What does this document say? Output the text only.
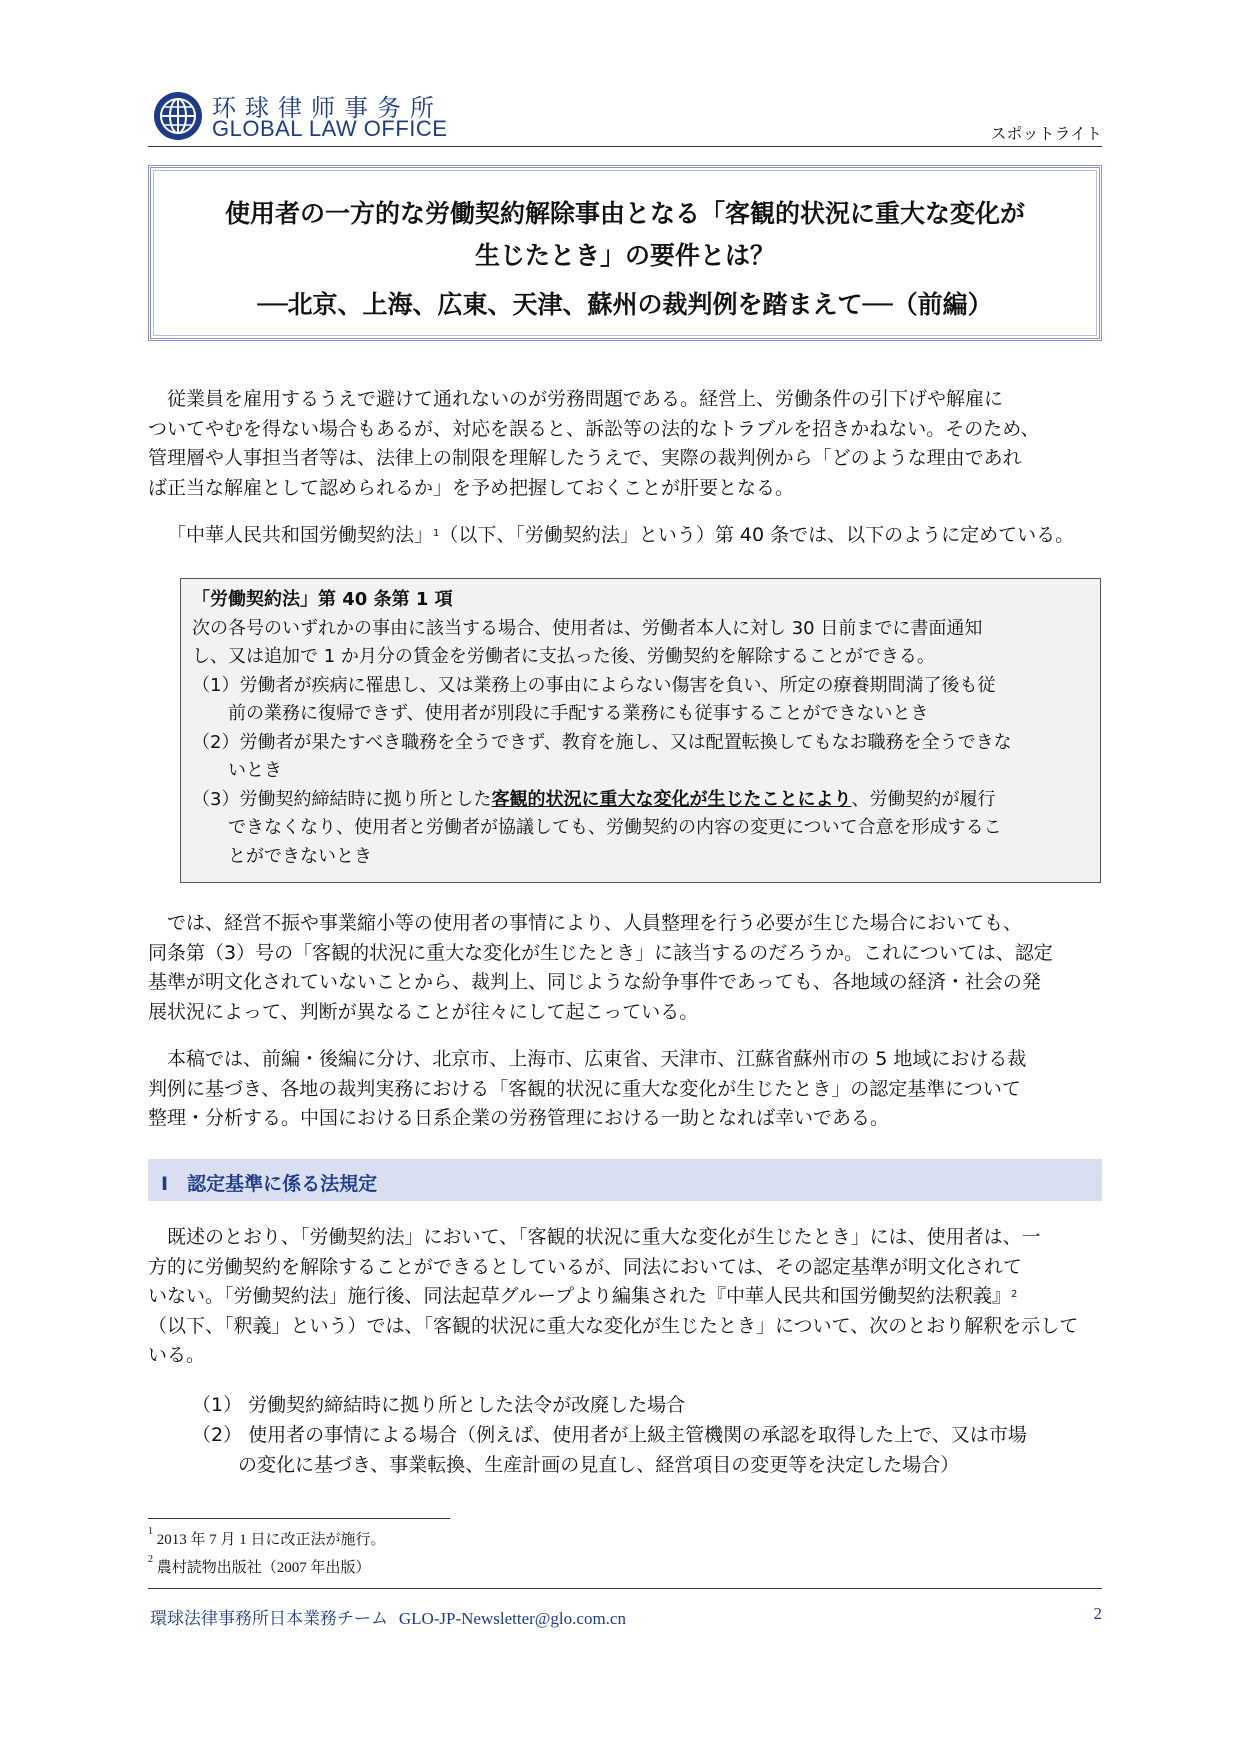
环球律师事务所
GLOBAL LAW OFFICE	スポットライト
使用者の一方的な労働契約解除事由となる「客観的状況に重大な変化が
生じたとき」の要件とは？
──北京、上海、広東、天津、蘇州の裁判例を踏まえて──（前編）
従業員を雇用するうえで避けて通れないのが労務問題である。経営上、労働条件の引下げや解雇に
ついてやむを得ない場合もあるが、対応を誤ると、訴訟等の法的なトラブルを招きかねない。そのため、
管理層や人事担当者等は、法律上の制限を理解したうえで、実際の裁判例から「どのような理由であれ
ば正当な解雇として認められるか」を予め把握しておくことが肝要となる。
「中華人民共和国労働契約法」$^1$（以下、「労働契約法」という）第 40 条では、以下のように定めている。
「労働契約法」第 40 条第 1 項
次の各号のいずれかの事由に該当する場合、使用者は、労働者本人に対し 30 日前までに書面通知
し、又は追加で 1 か月分の賃金を労働者に支払った後、労働契約を解除することができる。
（1）労働者が疾病に罹患し、又は業務上の事由によらない傷害を負い、所定の療養期間満了後も従
　　前の業務に復帰できず、使用者が別段に手配する業務にも従事することができないとき
（2）労働者が果たすべき職務を全うできず、教育を施し、又は配置転換してもなお職務を全うできな
　　いとき
（3）労働契約締結時に拠り所とした客観的状況に重大な変化が生じたことにより、労働契約が履行
　　できなくなり、使用者と労働者が協議しても、労働契約の内容の変更について合意を形成するこ
　　とができないとき
では、経営不振や事業縮小等の使用者の事情により、人員整理を行う必要が生じた場合においても、
同条第（3）号の「客観的状況に重大な変化が生じたとき」に該当するのだろうか。これについては、認定
基準が明文化されていないことから、裁判上、同じような紛争事件であっても、各地域の経済・社会の発
展状況によって、判断が異なることが往々にして起こっている。
本稿では、前編・後編に分け、北京市、上海市、広東省、天津市、江蘇省蘇州市の 5 地域における裁
判例に基づき、各地の裁判実務における「客観的状況に重大な変化が生じたとき」の認定基準について
整理・分析する。中国における日系企業の労務管理における一助となれば幸いである。
I　認定基準に係る法規定
既述のとおり、「労働契約法」において、「客観的状況に重大な変化が生じたとき」には、使用者は、一
方的に労働契約を解除することができるとしているが、同法においては、その認定基準が明文化されて
いない。「労働契約法」施行後、同法起草グループより編集された『中華人民共和国労働契約法釈義』$^2$
（以下、「釈義」という）では、「客観的状況に重大な変化が生じたとき」について、次のとおり解釈を示して
いる。
（1） 労働契約締結時に拠り所とした法令が改廃した場合
（2） 使用者の事情による場合（例えば、使用者が上級主管機関の承認を取得した上で、又は市場
の変化に基づき、事業転換、生産計画の見直し、経営項目の変更等を決定した場合）
$^1$ 2013 年 7 月 1 日に改正法が施行。
$^2$ 農村読物出版社（2007 年出版）
環球法律事務所日本業務チーム GLO-JP-Newsletter@glo.com.cn	2
